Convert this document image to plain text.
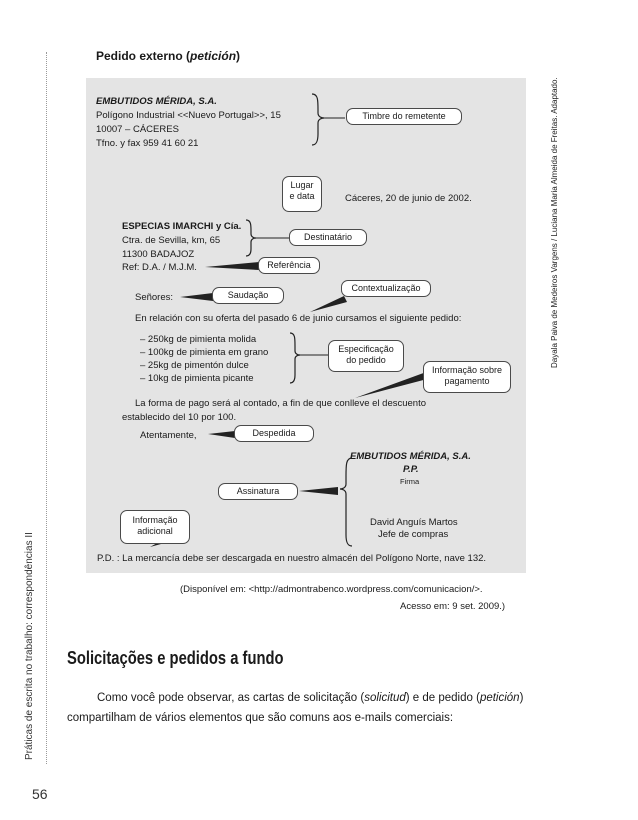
Práticas de escrita no trabalho: correspondências II
Dayala Paiva de Medeiros Vargens / Luciana Maria Almeida de Freitas. Adaptado.
56
Pedido externo (petición)
EMBUTIDOS MÉRIDA, S.A.
Polígono Industrial <<Nuevo Portugal>>, 15
10007 – CÁCERES
Tfno. y fax 959 41 60 21
Cáceres, 20 de junio de 2002.
ESPECIAS IMARCHI y Cía.
Ctra. de Sevilla, km, 65
11300 BADAJOZ
Ref: D.A. / M.J.M.
Señores:
En relación con su oferta del pasado 6 de junio cursamos el siguiente pedido:
– 250kg de pimienta molida
– 100kg de pimienta em grano
– 25kg de pimentón dulce
– 10kg de pimienta picante
La forma de pago será al contado, a fin de que conlleve el descuento
establecido del 10 por 100.
Atentamente,
EMBUTIDOS MÉRIDA, S.A.
P.P.
Firma
David Anguís Martos
Jefe de compras
P.D. : La mercancía debe ser descargada en nuestro almacén del Polígono Norte, nave 132.
Timbre do remetente
Lugar
e data
Destinatário
Referência
Contextualização
Saudação
Especificação
do pedido
Informação sobre
pagamento
Despedida
Assinatura
Informação
adicional
(Disponível em: <http://admontrabenco.wordpress.com/comunicacion/>.
Acesso em: 9 set. 2009.)
Solicitações e pedidos a fundo

Como você pode observar, as cartas de solicitação (solicitud) e de pedido (petición)

compartilham de vários elementos que são comuns aos e-mails comerciais:
